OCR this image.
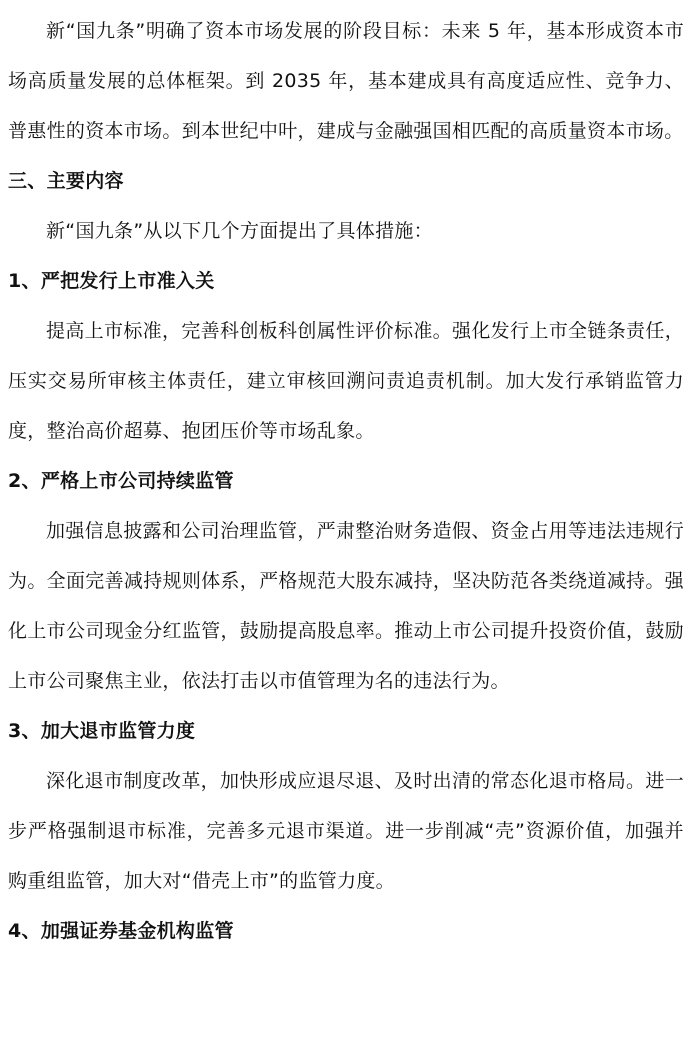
新“国九条”明确了资本市场发展的阶段目标：未来 5 年，基本形成资本市场高质量发展的总体框架。到 2035 年，基本建成具有高度适应性、竞争力、普惠性的资本市场。到本世纪中叶，建成与金融强国相匹配的高质量资本市场。

三、主要内容

新“国九条”从以下几个方面提出了具体措施：

1、严把发行上市准入关

提高上市标准，完善科创板科创属性评价标准。强化发行上市全链条责任，压实交易所审核主体责任，建立审核回溯问责追责机制。加大发行承销监管力度，整治高价超募、抱团压价等市场乱象。

2、严格上市公司持续监管

加强信息披露和公司治理监管，严肃整治财务造假、资金占用等违法违规行为。全面完善减持规则体系，严格规范大股东减持，坚决防范各类绕道减持。强化上市公司现金分红监管，鼓励提高股息率。推动上市公司提升投资价值，鼓励上市公司聚焦主业，依法打击以市值管理为名的违法行为。

3、加大退市监管力度

深化退市制度改革，加快形成应退尽退、及时出清的常态化退市格局。进一步严格强制退市标准，完善多元退市渠道。进一步削减“壳”资源价值，加强并购重组监管，加大对“借壳上市”的监管力度。

4、加强证券基金机构监管
